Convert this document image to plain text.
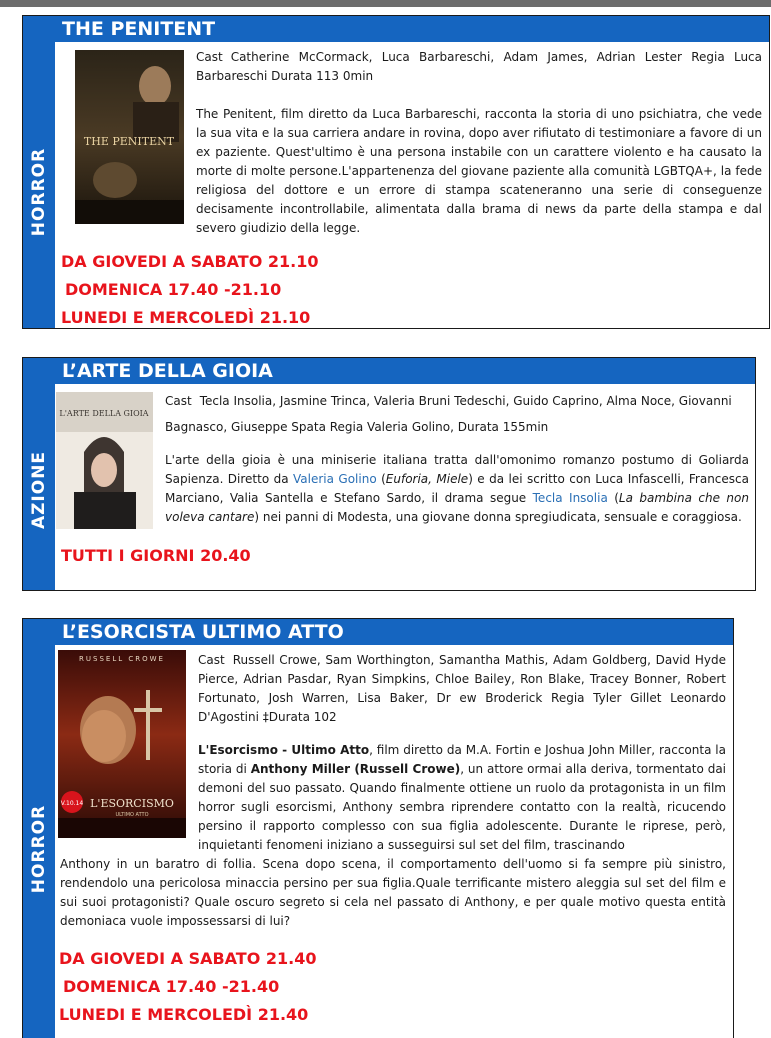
HORROR
THE PENITENT
THE PENITENT
Cast Catherine McCormack, Luca Barbareschi, Adam James, Adrian Lester Regia Luca Barbareschi Durata 113 0min
The Penitent, film diretto da Luca Barbareschi, racconta la storia di uno psichiatra, che vede la sua vita e la sua carriera andare in rovina, dopo aver rifiutato di testimoniare a favore di un ex paziente. Quest'ultimo è una persona instabile con un carattere violento e ha causato la morte di molte persone.L'appartenenza del giovane paziente alla comunità LGBTQA+, la fede religiosa del dottore e un errore di stampa scateneranno una serie di conseguenze decisamente incontrollabile, alimentata dalla brama di news da parte della stampa e dal severo giudizio della legge.
DA GIOVEDI A SABATO 21.10
DOMENICA 17.40 -21.10
LUNEDI E MERCOLEDÌ 21.10
AZIONE
L’ARTE DELLA GIOIA
L'ARTE DELLA GIOIA
Cast Tecla Insolia, Jasmine Trinca, Valeria Bruni Tedeschi, Guido Caprino, Alma Noce, Giovanni
Bagnasco, Giuseppe Spata Regia Valeria Golino, Durata 155min
L'arte della gioia è una miniserie italiana tratta dall'omonimo romanzo postumo di Goliarda Sapienza. Diretto da Valeria Golino (Euforia, Miele) e da lei scritto con Luca Infascelli, Francesca Marciano, Valia Santella e Stefano Sardo, il drama segue Tecla Insolia (La bambina che non voleva cantare) nei panni di Modesta, una giovane donna spregiudicata, sensuale e coraggiosa.
TUTTI I GIORNI 20.40
HORROR
L’ESORCISTA ULTIMO ATTO
RUSSELL CROWE
V.10.14 L'ESORCISMO
ULTIMO ATTO
Cast Russell Crowe, Sam Worthington, Samantha Mathis, Adam Goldberg, David Hyde Pierce, Adrian Pasdar, Ryan Simpkins, Chloe Bailey, Ron Blake, Tracey Bonner, Robert Fortunato, Josh Warren, Lisa Baker, Dr ew Broderick Regia Tyler Gillet Leonardo D'Agostini ‡Durata 102
L'Esorcismo - Ultimo Atto, film diretto da M.A. Fortin e Joshua John Miller, racconta la storia di Anthony Miller (Russell Crowe), un attore ormai alla deriva, tormentato dai demoni del suo passato. Quando finalmente ottiene un ruolo da protagonista in un film horror sugli esorcismi, Anthony sembra riprendere contatto con la realtà, ricucendo persino il rapporto complesso con sua figlia adolescente. Durante le riprese, però, inquietanti fenomeni iniziano a susseguirsi sul set del film, trascinando
Anthony in un baratro di follia. Scena dopo scena, il comportamento dell'uomo si fa sempre più sinistro, rendendolo una pericolosa minaccia persino per sua figlia.Quale terrificante mistero aleggia sul set del film e sui suoi protagonisti? Quale oscuro segreto si cela nel passato di Anthony, e per quale motivo questa entità demoniaca vuole impossessarsi di lui?
DA GIOVEDI A SABATO 21.40
DOMENICA 17.40 -21.40
LUNEDI E MERCOLEDÌ 21.40
